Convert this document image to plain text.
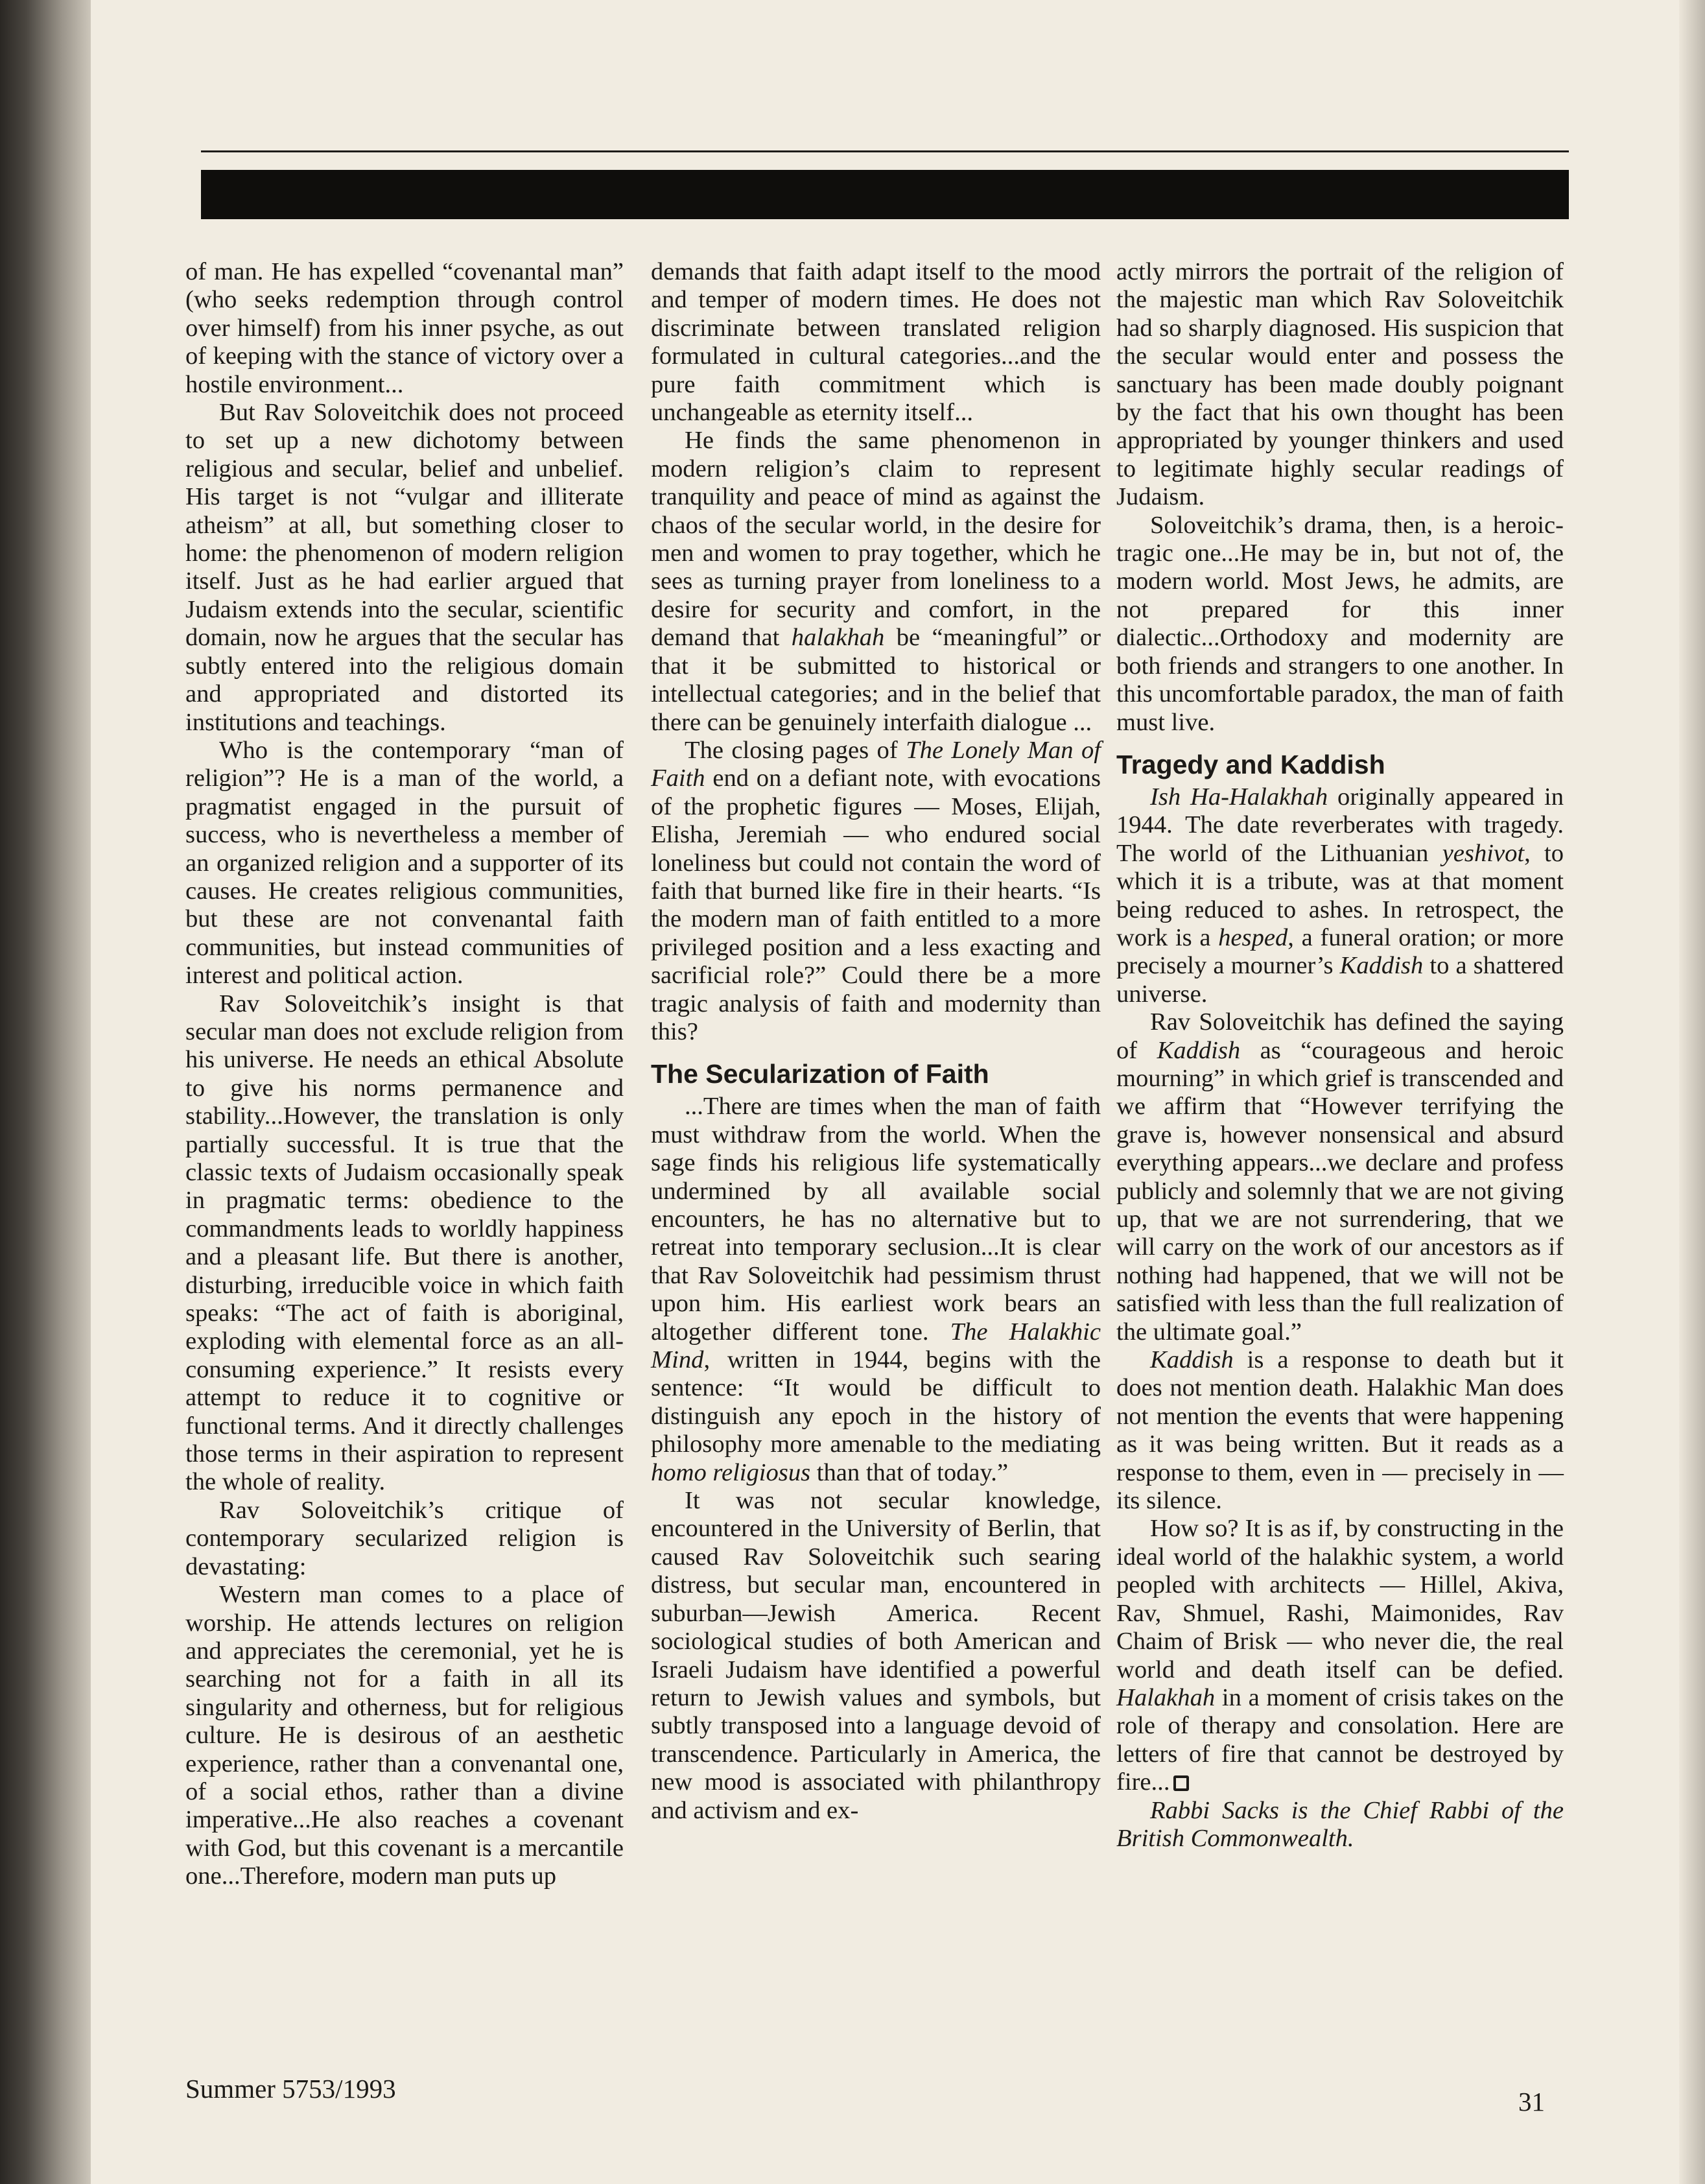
of man. He has expelled “covenantal man” (who seeks redemption through control over himself) from his inner psyche, as out of keeping with the stance of victory over a hostile environment...

But Rav Soloveitchik does not proceed to set up a new dichotomy between religious and secular, belief and unbelief. His target is not “vulgar and illiterate atheism” at all, but something closer to home: the phenomenon of modern religion itself. Just as he had earlier argued that Judaism extends into the secular, scientific domain, now he argues that the secular has subtly entered into the religious domain and appropriated and distorted its institutions and teachings.

Who is the contemporary “man of religion”? He is a man of the world, a pragmatist engaged in the pursuit of success, who is nevertheless a member of an organized religion and a supporter of its causes. He creates religious communities, but these are not convenantal faith communities, but instead communities of interest and political action.

Rav Soloveitchik’s insight is that secular man does not exclude religion from his universe. He needs an ethical Absolute to give his norms permanence and stability...However, the translation is only partially successful. It is true that the classic texts of Judaism occasionally speak in pragmatic terms: obedience to the commandments leads to worldly happiness and a pleasant life. But there is another, disturbing, irreducible voice in which faith speaks: “The act of faith is aboriginal, exploding with elemental force as an all-consuming experience.” It resists every attempt to reduce it to cognitive or functional terms. And it directly challenges those terms in their aspiration to represent the whole of reality.

Rav Soloveitchik’s critique of contemporary secularized religion is devastating:

Western man comes to a place of worship. He attends lectures on religion and appreciates the ceremonial, yet he is searching not for a faith in all its singularity and otherness, but for religious culture. He is desirous of an aesthetic experience, rather than a convenantal one, of a social ethos, rather than a divine imperative...He also reaches a covenant with God, but this covenant is a mercantile one...Therefore, modern man puts up

demands that faith adapt itself to the mood and temper of modern times. He does not discriminate between translated religion formulated in cultural categories...and the pure faith commitment which is unchangeable as eternity itself...

He finds the same phenomenon in modern religion’s claim to represent tranquility and peace of mind as against the chaos of the secular world, in the desire for men and women to pray together, which he sees as turning prayer from loneliness to a desire for security and comfort, in the demand that halakhah be “meaningful” or that it be submitted to historical or intellectual categories; and in the belief that there can be genuinely interfaith dialogue ...

The closing pages of The Lonely Man of Faith end on a defiant note, with evocations of the prophetic figures — Moses, Elijah, Elisha, Jeremiah — who endured social loneliness but could not contain the word of faith that burned like fire in their hearts. “Is the modern man of faith entitled to a more privileged position and a less exacting and sacrificial role?” Could there be a more tragic analysis of faith and modernity than this?

The Secularization of Faith

...There are times when the man of faith must withdraw from the world. When the sage finds his religious life systematically undermined by all available social encounters, he has no alternative but to retreat into temporary seclusion...It is clear that Rav Soloveitchik had pessimism thrust upon him. His earliest work bears an altogether different tone. The Halakhic Mind, written in 1944, begins with the sentence: “It would be difficult to distinguish any epoch in the history of philosophy more amenable to the mediating homo religiosus than that of today.”

It was not secular knowledge, encountered in the University of Berlin, that caused Rav Soloveitchik such searing distress, but secular man, encountered in suburban—Jewish America. Recent sociological studies of both American and Israeli Judaism have identified a powerful return to Jewish values and symbols, but subtly transposed into a language devoid of transcendence. Particularly in America, the new mood is associated with philanthropy and activism and ex-

actly mirrors the portrait of the religion of the majestic man which Rav Soloveitchik had so sharply diagnosed. His suspicion that the secular would enter and possess the sanctuary has been made doubly poignant by the fact that his own thought has been appropriated by younger thinkers and used to legitimate highly secular readings of Judaism.

Soloveitchik’s drama, then, is a heroic-tragic one...He may be in, but not of, the modern world. Most Jews, he admits, are not prepared for this inner dialectic...Orthodoxy and modernity are both friends and strangers to one another. In this uncomfortable paradox, the man of faith must live.

Tragedy and Kaddish

Ish Ha-Halakhah originally appeared in 1944. The date reverberates with tragedy. The world of the Lithuanian yeshivot, to which it is a tribute, was at that moment being reduced to ashes. In retrospect, the work is a hesped, a funeral oration; or more precisely a mourner’s Kaddish to a shattered universe.

Rav Soloveitchik has defined the saying of Kaddish as “courageous and heroic mourning” in which grief is transcended and we affirm that “However terrifying the grave is, however nonsensical and absurd everything appears...we declare and profess publicly and solemnly that we are not giving up, that we are not surrendering, that we will carry on the work of our ancestors as if nothing had happened, that we will not be satisfied with less than the full realization of the ultimate goal.”

Kaddish is a response to death but it does not mention death. Halakhic Man does not mention the events that were happening as it was being written. But it reads as a response to them, even in — precisely in — its silence.

How so? It is as if, by constructing in the ideal world of the halakhic system, a world peopled with architects — Hillel, Akiva, Rav, Shmuel, Rashi, Maimonides, Rav Chaim of Brisk — who never die, the real world and death itself can be defied. Halakhah in a moment of crisis takes on the role of therapy and consolation. Here are letters of fire that cannot be destroyed by fire...

Rabbi Sacks is the Chief Rabbi of the British Commonwealth.

Summer 5753/1993	31
